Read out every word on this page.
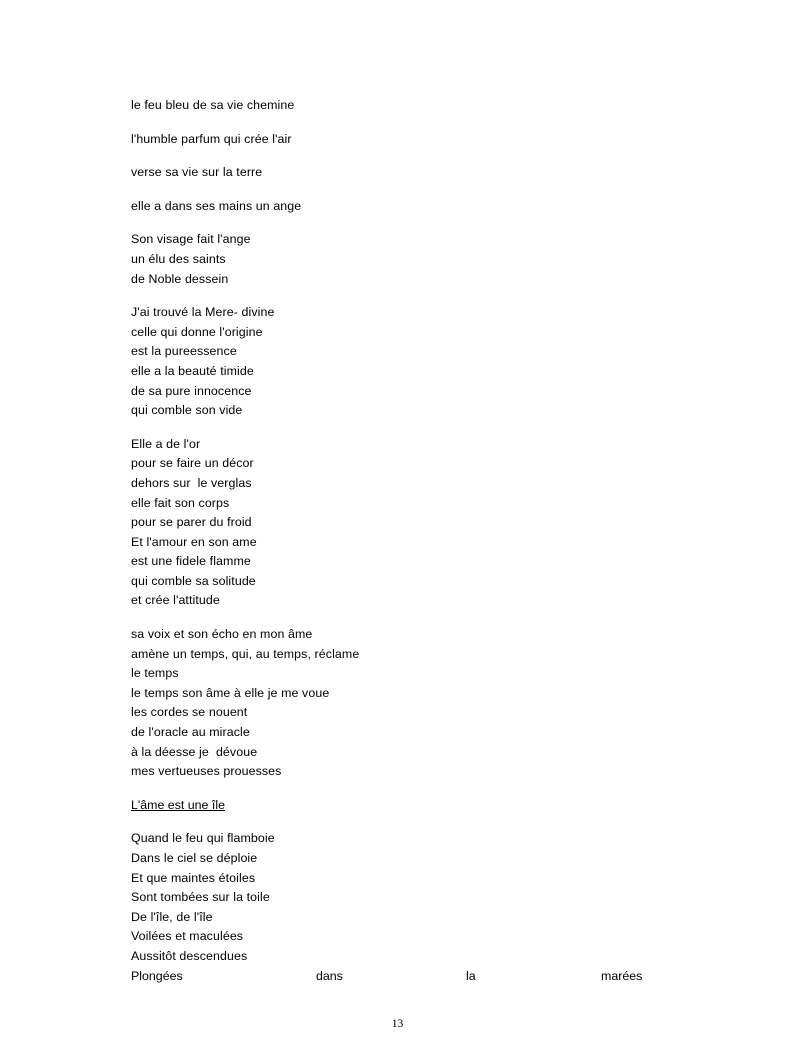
le feu bleu de sa vie chemine
l'humble parfum qui crée l'air
verse sa vie sur la terre
elle a dans ses mains un ange
Son visage fait l'ange
un élu des saints
de Noble dessein
J'ai trouvé la Mere- divine
celle qui donne l'origine
est la pureessence
elle a la beauté timide
de sa pure innocence
qui comble son vide
Elle a de l'or
pour se faire un décor
dehors sur  le verglas
elle fait son corps
pour se parer du froid
Et l'amour en son ame
est une fidele flamme
qui comble sa solitude
et crée l'attitude
sa voix et son écho en mon âme
amène un temps, qui, au temps, réclame
le temps
le temps son âme à elle je me voue
les cordes se nouent
de l'oracle au miracle
à la déesse je  dévoue
mes vertueuses prouesses
L'âme est une île
Quand le feu qui flamboie
Dans le ciel se déploie
Et que maintes étoiles
Sont tombées sur la toile
De l'île, de l'île
Voilées et maculées
Aussitôt descendues
Plongées	dans	la	marées
13
